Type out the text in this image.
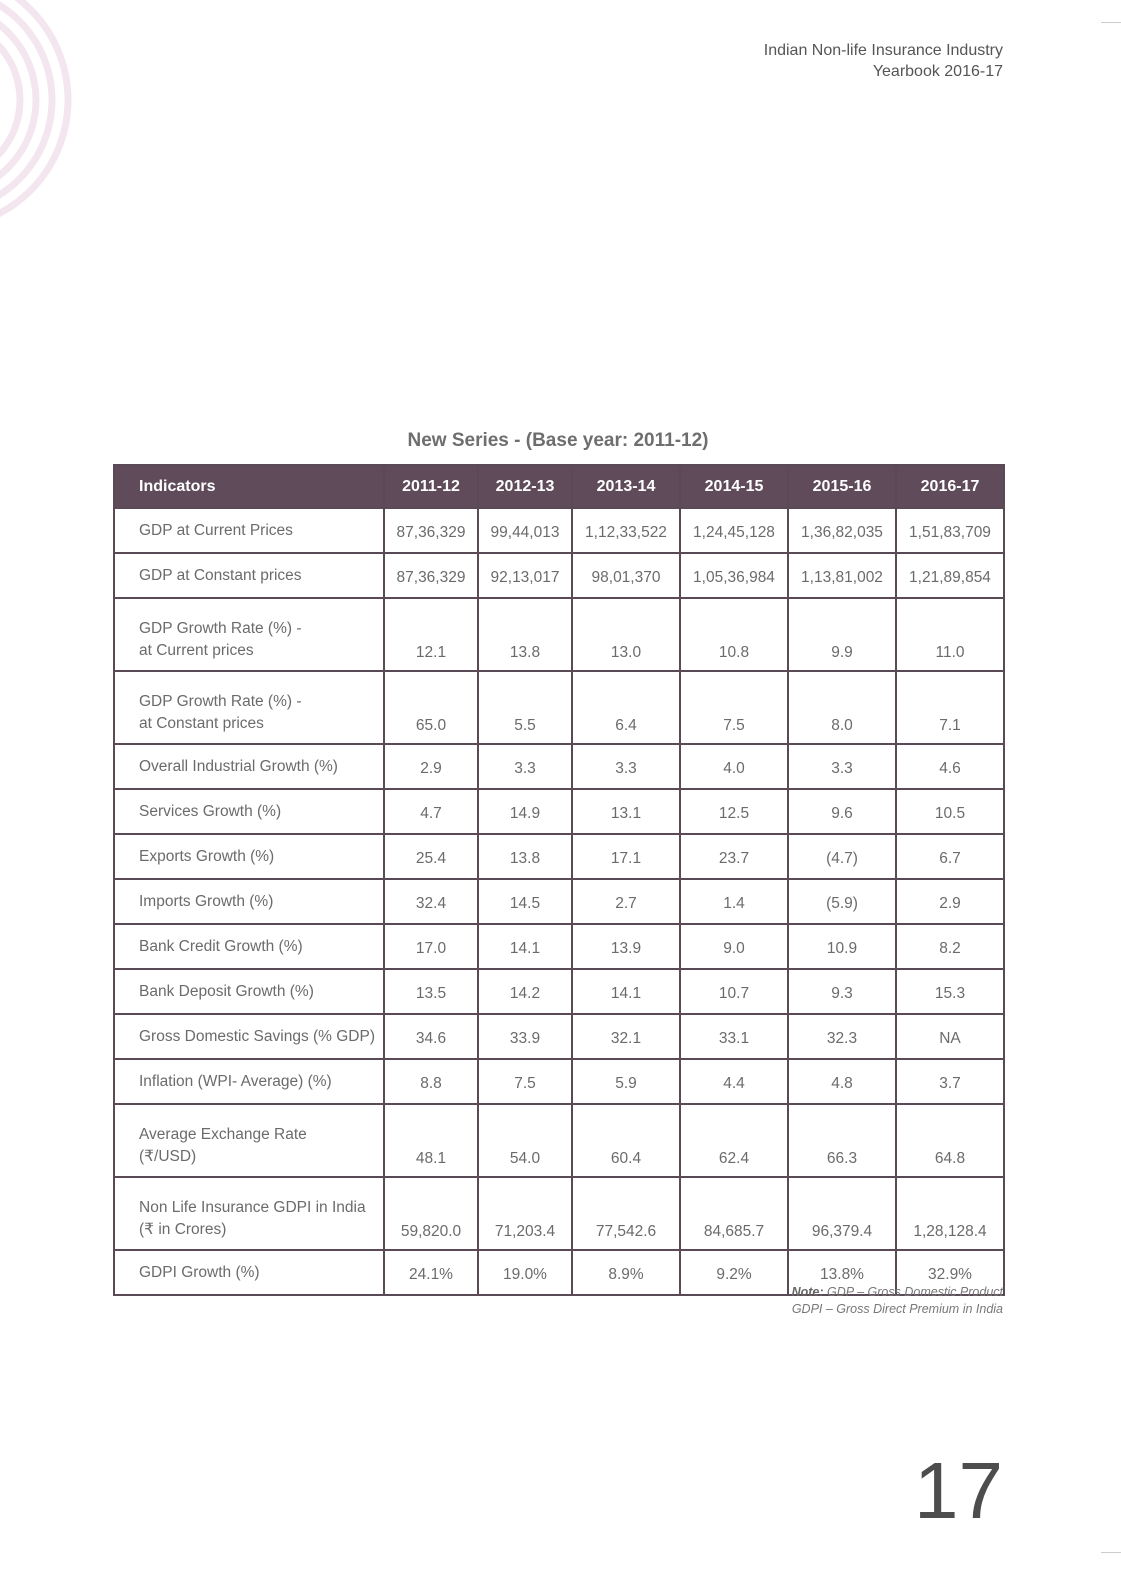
Indian Non-life Insurance Industry
Yearbook 2016-17
New Series - (Base year: 2011-12)
Indicators	2011-12	2012-13	2013-14	2014-15	2015-16	2016-17

GDP at Current Prices	87,36,329	99,44,013	1,12,33,522	1,24,45,128	1,36,82,035	1,51,83,709

GDP at Constant prices	87,36,329	92,13,017	98,01,370	1,05,36,984	1,13,81,002	1,21,89,854

GDP Growth Rate (%) -
at Current prices	12.1	13.8	13.0	10.8	9.9	11.0

GDP Growth Rate (%) -
at Constant prices	65.0	5.5	6.4	7.5	8.0	7.1

Overall Industrial Growth (%)	2.9	3.3	3.3	4.0	3.3	4.6

Services Growth (%)	4.7	14.9	13.1	12.5	9.6	10.5

Exports Growth (%)	25.4	13.8	17.1	23.7	(4.7)	6.7

Imports Growth (%)	32.4	14.5	2.7	1.4	(5.9)	2.9

Bank Credit Growth (%)	17.0	14.1	13.9	9.0	10.9	8.2

Bank Deposit Growth (%)	13.5	14.2	14.1	10.7	9.3	15.3

Gross Domestic Savings (% GDP)	34.6	33.9	32.1	33.1	32.3	NA

Inflation (WPI- Average) (%)	8.8	7.5	5.9	4.4	4.8	3.7

Average Exchange Rate
(₹/USD)	48.1	54.0	60.4	62.4	66.3	64.8

Non Life Insurance GDPI in India
(₹ in Crores)	59,820.0	71,203.4	77,542.6	84,685.7	96,379.4	1,28,128.4

GDPI Growth (%)	24.1%	19.0%	8.9%	9.2%	13.8%	32.9%
Note: GDP – Gross Domestic Product
GDPI – Gross Direct Premium in India
17
